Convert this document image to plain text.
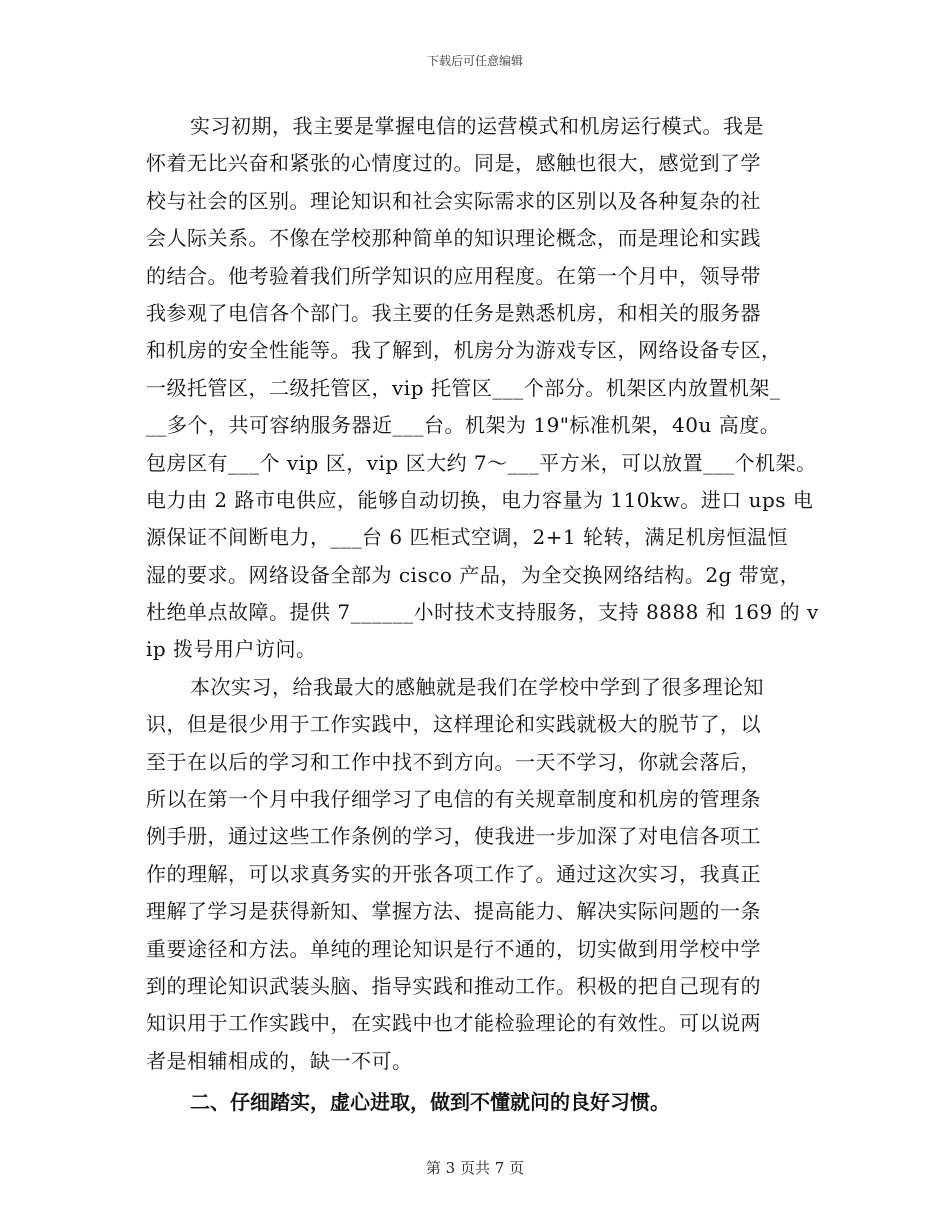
下载后可任意编辑
实习初期，我主要是掌握电信的运营模式和机房运行模式。我是
怀着无比兴奋和紧张的心情度过的。同是，感触也很大，感觉到了学
校与社会的区别。理论知识和社会实际需求的区别以及各种复杂的社
会人际关系。不像在学校那种简单的知识理论概念，而是理论和实践
的结合。他考验着我们所学知识的应用程度。在第一个月中，领导带
我参观了电信各个部门。我主要的任务是熟悉机房，和相关的服务器
和机房的安全性能等。我了解到，机房分为游戏专区，网络设备专区，
一级托管区，二级托管区，vip 托管区___个部分。机架区内放置机架_
__多个，共可容纳服务器近___台。机架为 19"标准机架，40u 高度。
包房区有___个 vip 区，vip 区大约 7～___平方米，可以放置___个机架。
电力由 2 路市电供应，能够自动切换，电力容量为 110kw。进口 ups 电
源保证不间断电力，___台 6 匹柜式空调，2+1 轮转，满足机房恒温恒
湿的要求。网络设备全部为 cisco 产品，为全交换网络结构。2g 带宽，
杜绝单点故障。提供 7______小时技术支持服务，支持 8888 和 169 的 v
ip 拨号用户访问。
本次实习，给我最大的感触就是我们在学校中学到了很多理论知
识，但是很少用于工作实践中，这样理论和实践就极大的脱节了，以
至于在以后的学习和工作中找不到方向。一天不学习，你就会落后，
所以在第一个月中我仔细学习了电信的有关规章制度和机房的管理条
例手册，通过这些工作条例的学习，使我进一步加深了对电信各项工
作的理解，可以求真务实的开张各项工作了。通过这次实习，我真正
理解了学习是获得新知、掌握方法、提高能力、解决实际问题的一条
重要途径和方法。单纯的理论知识是行不通的，切实做到用学校中学
到的理论知识武装头脑、指导实践和推动工作。积极的把自己现有的
知识用于工作实践中，在实践中也才能检验理论的有效性。可以说两
者是相辅相成的，缺一不可。
二、仔细踏实，虚心进取，做到不懂就问的良好习惯。
第 3 页共 7 页
